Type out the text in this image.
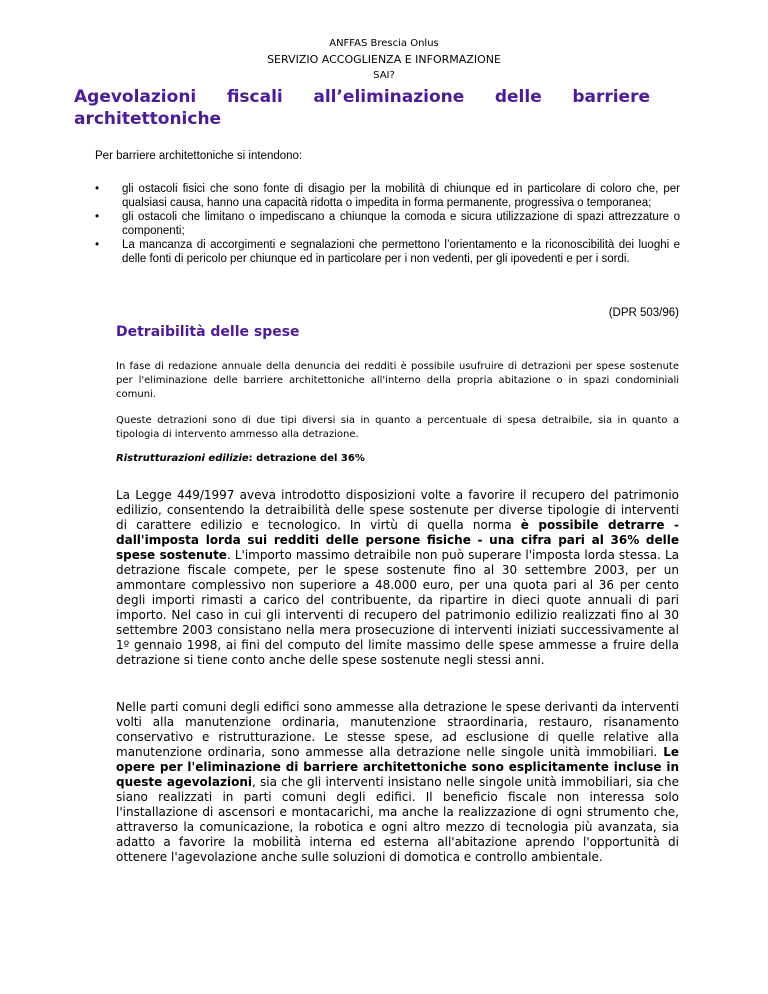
ANFFAS Brescia Onlus
SERVIZIO ACCOGLIENZA E INFORMAZIONE
SAI?
Agevolazioni fiscali all’eliminazione delle barriere
architettoniche
Per barriere architettoniche si intendono:
• gli ostacoli fisici che sono fonte di disagio per la mobilità di chiunque ed in particolare di coloro che, per qualsiasi causa, hanno una capacità ridotta o impedita in forma permanente, progressiva o temporanea;
• gli ostacoli che limitano o impediscano a chiunque la comoda e sicura utilizzazione di spazi attrezzature o componenti;
• La mancanza di accorgimenti e segnalazioni che permettono l’orientamento e la riconoscibilità dei luoghi e delle fonti di pericolo per chiunque ed in particolare per i non vedenti, per gli ipovedenti e per i sordi.
(DPR 503/96)
Detraibilità delle spese

In fase di redazione annuale della denuncia dei redditi è possibile usufruire di detrazioni per spese sostenute per l'eliminazione delle barriere architettoniche all'interno della propria abitazione o in spazi condominiali comuni.

Queste detrazioni sono di due tipi diversi sia in quanto a percentuale di spesa detraibile, sia in quanto a tipologia di intervento ammesso alla detrazione.

Ristrutturazioni edilizie: detrazione del 36%

La Legge 449/1997 aveva introdotto disposizioni volte a favorire il recupero del patrimonio edilizio, consentendo la detraibilità delle spese sostenute per diverse tipologie di interventi di carattere edilizio e tecnologico. In virtù di quella norma è possibile detrarre - dall'imposta lorda sui redditi delle persone fisiche - una cifra pari al 36% delle spese sostenute. L'importo massimo detraibile non può superare l'imposta lorda stessa. La detrazione fiscale compete, per le spese sostenute fino al 30 settembre 2003, per un ammontare complessivo non superiore a 48.000 euro, per una quota pari al 36 per cento degli importi rimasti a carico del contribuente, da ripartire in dieci quote annuali di pari importo. Nel caso in cui gli interventi di recupero del patrimonio edilizio realizzati fino al 30 settembre 2003 consistano nella mera prosecuzione di interventi iniziati successivamente al 1º gennaio 1998, ai fini del computo del limite massimo delle spese ammesse a fruire della detrazione si tiene conto anche delle spese sostenute negli stessi anni.

Nelle parti comuni degli edifici sono ammesse alla detrazione le spese derivanti da interventi volti alla manutenzione ordinaria, manutenzione straordinaria, restauro, risanamento conservativo e ristrutturazione. Le stesse spese, ad esclusione di quelle relative alla manutenzione ordinaria, sono ammesse alla detrazione nelle singole unità immobiliari. Le opere per l'eliminazione di barriere architettoniche sono esplicitamente incluse in queste agevolazioni, sia che gli interventi insistano nelle singole unità immobiliari, sia che siano realizzati in parti comuni degli edifici. Il beneficio fiscale non interessa solo l'installazione di ascensori e montacarichi, ma anche la realizzazione di ogni strumento che, attraverso la comunicazione, la robotica e ogni altro mezzo di tecnologia più avanzata, sia adatto a favorire la mobilità interna ed esterna all'abitazione aprendo l'opportunità di ottenere l'agevolazione anche sulle soluzioni di domotica e controllo ambientale.
